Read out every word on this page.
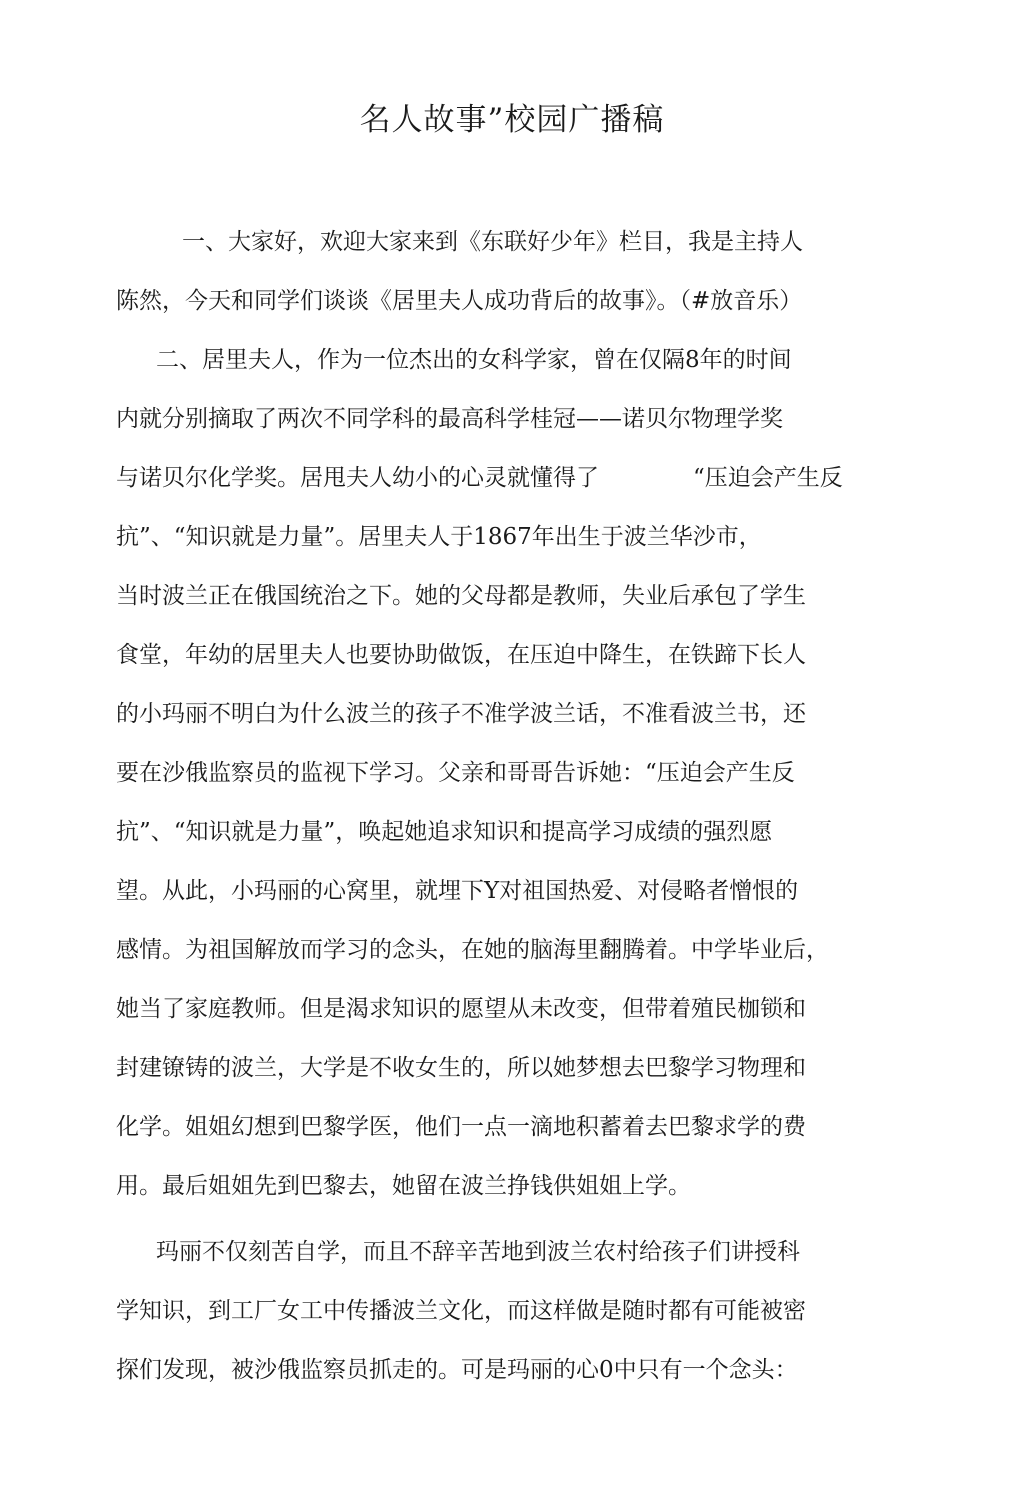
名人故事”校园广播稿

一、大家好，欢迎大家来到《东联好少年》栏目，我是主持人

陈然，今天和同学们谈谈《居里夫人成功背后的故事》。（#放音乐）

二、居里夫人，作为一位杰出的女科学家，曾在仅隔8年的时间

内就分别摘取了两次不同学科的最高科学桂冠——诺贝尔物理学奖

与诺贝尔化学奖。居甩夫人幼小的心灵就懂得了	“压迫会产生反

抗”、“知识就是力量”。居里夫人于1867年出生于波兰华沙市，

当时波兰正在俄国统治之下。她的父母都是教师，失业后承包了学生

食堂，年幼的居里夫人也要协助做饭，在压迫中降生，在铁蹄下长人

的小玛丽不明白为什么波兰的孩子不准学波兰话，不准看波兰书，还

要在沙俄监察员的监视下学习。父亲和哥哥告诉她：“压迫会产生反

抗”、“知识就是力量”，唤起她追求知识和提高学习成绩的强烈愿

望。从此，小玛丽的心窝里，就埋下Y对祖国热爱、对侵略者憎恨的

感情。为祖国解放而学习的念头，在她的脑海里翻腾着。中学毕业后，

她当了家庭教师。但是渴求知识的愿望从未改变，但带着殖民枷锁和

封建镣铸的波兰，大学是不收女生的，所以她梦想去巴黎学习物理和

化学。姐姐幻想到巴黎学医，他们一点一滴地积蓄着去巴黎求学的费

用。最后姐姐先到巴黎去，她留在波兰挣钱供姐姐上学。

玛丽不仅刻苦自学，而且不辞辛苦地到波兰农村给孩子们讲授科

学知识，到工厂女工中传播波兰文化，而这样做是随时都有可能被密

探们发现，被沙俄监察员抓走的。可是玛丽的心0中只有一个念头：
